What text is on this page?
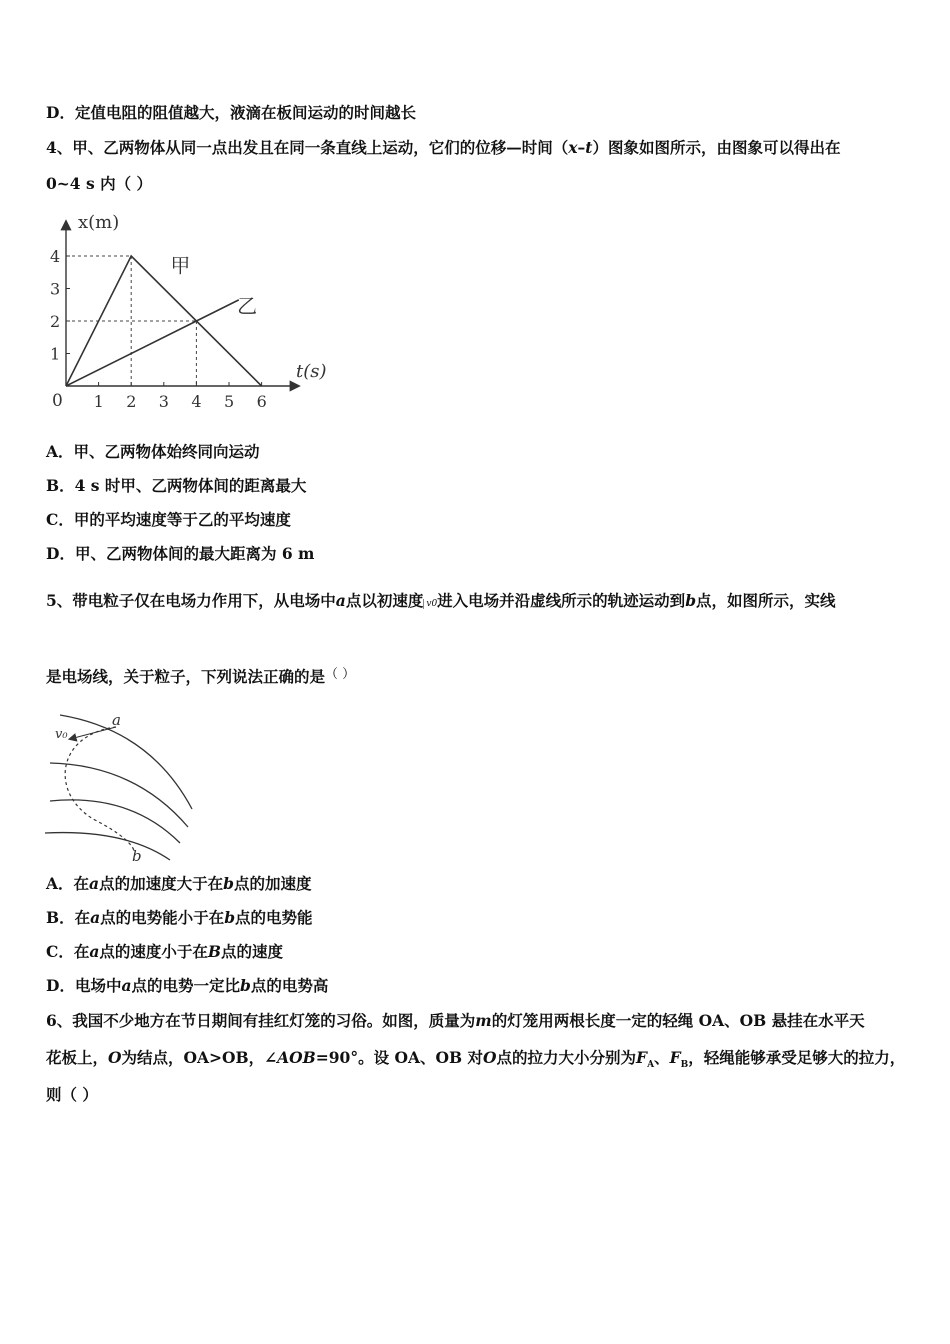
D．定值电阻的阻值越大，液滴在板间运动的时间越长
4、甲、乙两物体从同一点出发且在同一条直线上运动，它们的位移—时间（x–t）图象如图所示，由图象可以得出在
0~4 s 内（ ）
甲
乙
1 2 3 4 5 6
1
2
3
4
x(m)
t(s)
0
A．甲、乙两物体始终同向运动
B．4 s 时甲、乙两物体间的距离最大
C．甲的平均速度等于乙的平均速度
D．甲、乙两物体间的最大距离为 6 m
5、带电粒子仅在电场力作用下，从电场中a点以初速度 v0进入电场并沿虚线所示的轨迹运动到b点，如图所示，实线
是电场线，关于粒子，下列说法正确的是（ ）
a
b
v₀
A．在a点的加速度大于在b点的加速度
B．在a点的电势能小于在b点的电势能
C．在a点的速度小于在B点的速度
D．电场中a点的电势一定比b点的电势高
6、我国不少地方在节日期间有挂红灯笼的习俗。如图，质量为m的灯笼用两根长度一定的轻绳 OA、OB 悬挂在水平天
花板上，O为结点，OA>OB，∠AOB=90°。设 OA、OB 对O点的拉力大小分别为$F_A$、$F_B$，轻绳能够承受足够大的拉力，
则（ ）
